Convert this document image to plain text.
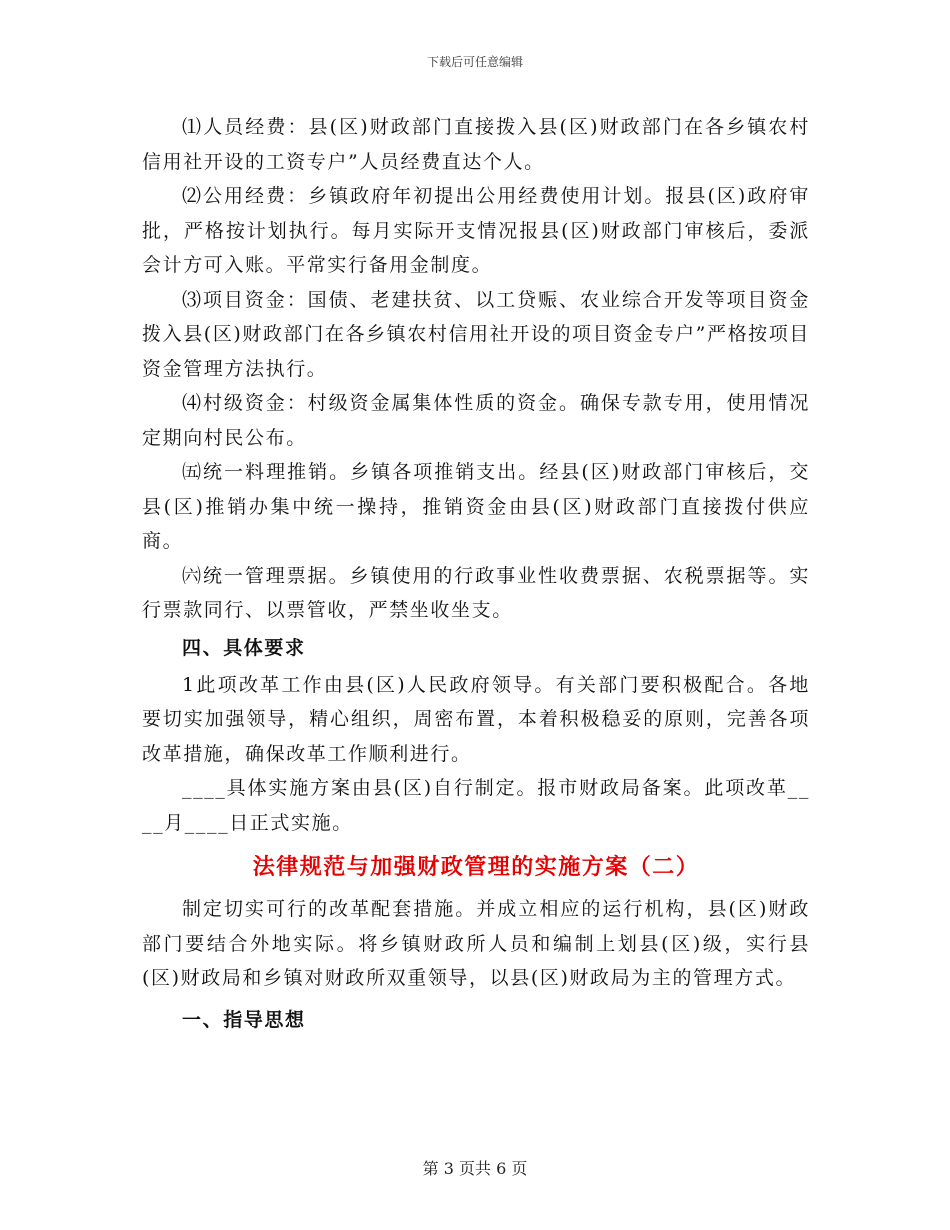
下载后可任意编辑

⑴人员经费：县(区)财政部门直接拨入县(区)财政部门在各乡镇农村信用社开设的工资专户”人员经费直达个人。

⑵公用经费：乡镇政府年初提出公用经费使用计划。报县(区)政府审批，严格按计划执行。每月实际开支情况报县(区)财政部门审核后，委派会计方可入账。平常实行备用金制度。

⑶项目资金：国债、老建扶贫、以工贷赈、农业综合开发等项目资金拨入县(区)财政部门在各乡镇农村信用社开设的项目资金专户”严格按项目资金管理方法执行。

⑷村级资金：村级资金属集体性质的资金。确保专款专用，使用情况定期向村民公布。

㈤统一料理推销。乡镇各项推销支出。经县(区)财政部门审核后，交县(区)推销办集中统一操持，推销资金由县(区)财政部门直接拨付供应商。

㈥统一管理票据。乡镇使用的行政事业性收费票据、农税票据等。实行票款同行、以票管收，严禁坐收坐支。

四、具体要求

1此项改革工作由县(区)人民政府领导。有关部门要积极配合。各地要切实加强领导，精心组织，周密布置，本着积极稳妥的原则，完善各项改革措施，确保改革工作顺利进行。

____具体实施方案由县(区)自行制定。报市财政局备案。此项改革____月____日正式实施。

法律规范与加强财政管理的实施方案（二）

制定切实可行的改革配套措施。并成立相应的运行机构，县(区)财政部门要结合外地实际。将乡镇财政所人员和编制上划县(区)级，实行县(区)财政局和乡镇对财政所双重领导，以县(区)财政局为主的管理方式。

一、指导思想

第 3 页共 6 页
